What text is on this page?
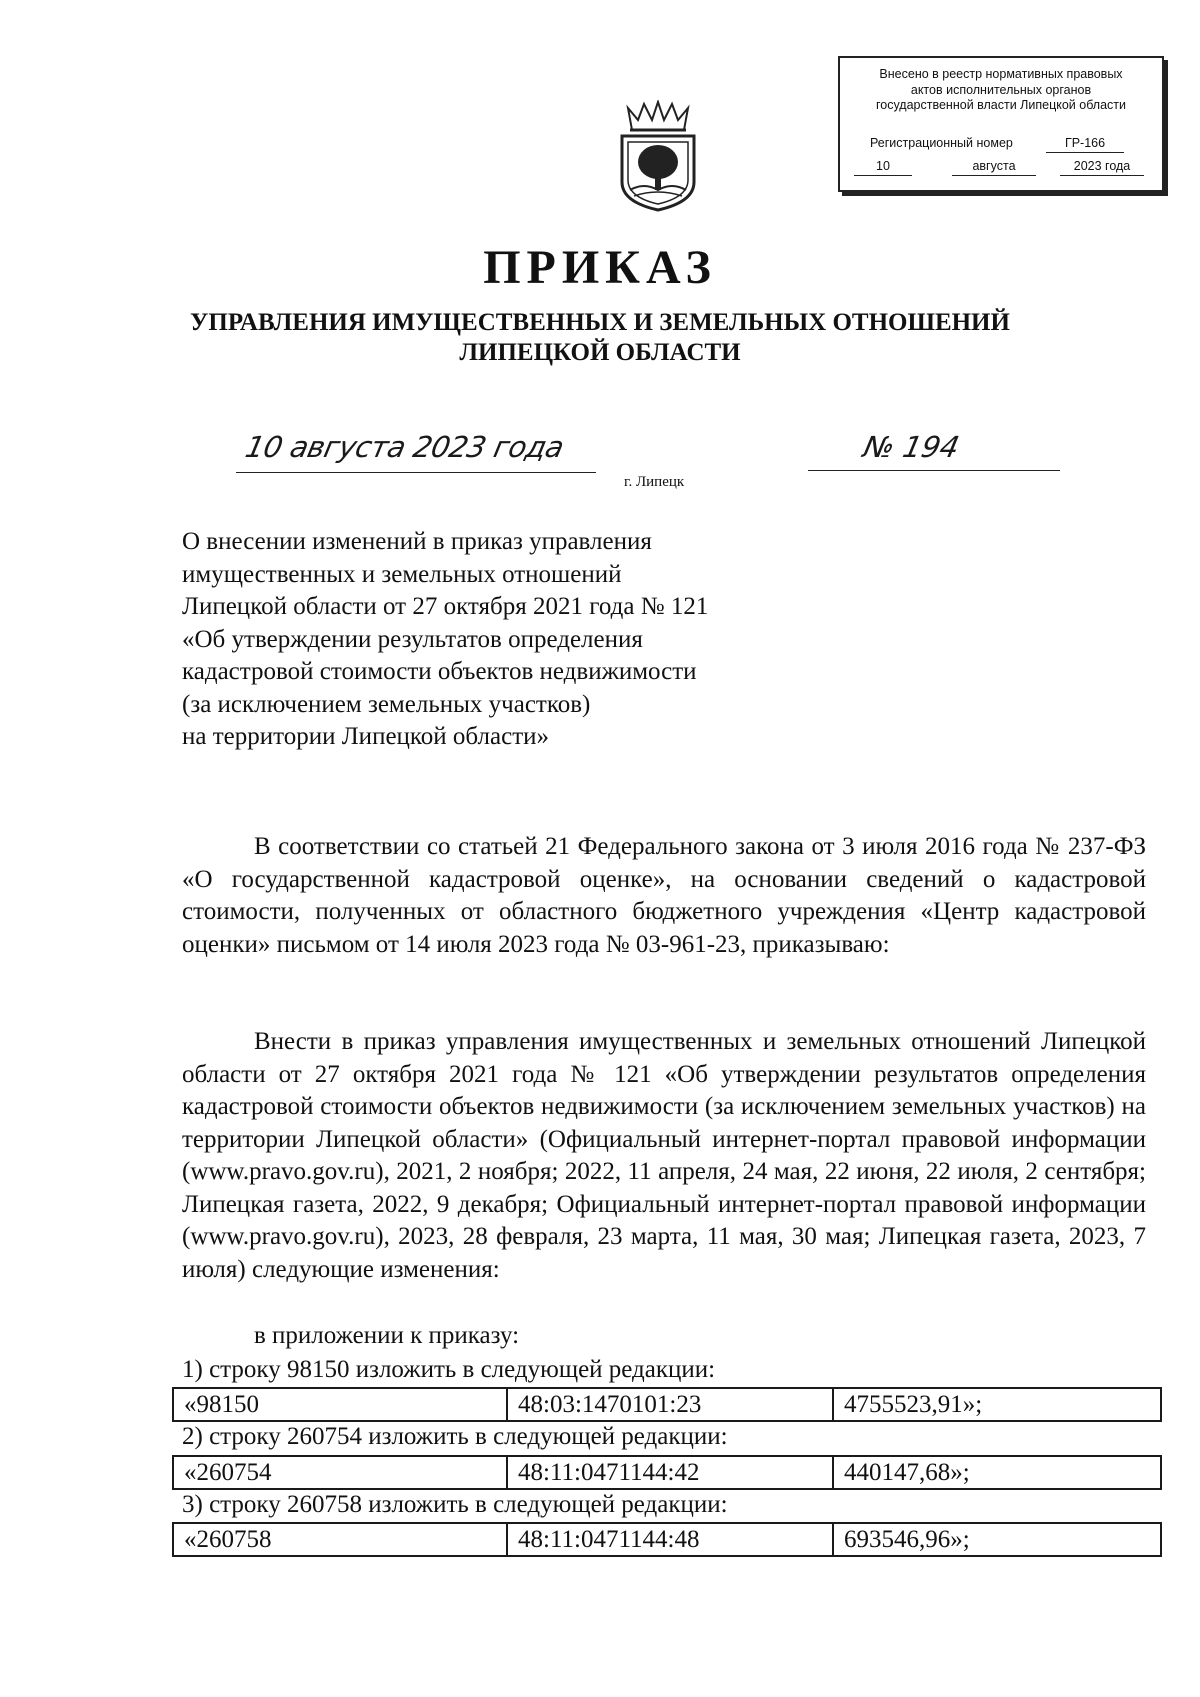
Внесено в реестр нормативных правовых
актов исполнительных органов
государственной власти Липецкой области
Регистрационный номер	ГР-166
10	августа	2023 года
ПРИКАЗ
УПРАВЛЕНИЯ ИМУЩЕСТВЕННЫХ И ЗЕМЕЛЬНЫХ ОТНОШЕНИЙ
ЛИПЕЦКОЙ ОБЛАСТИ
10 августа 2023 года
г. Липецк
№ 194
О внесении изменений в приказ управления
имущественных и земельных отношений
Липецкой области от 27 октября 2021 года № 121
«Об утверждении результатов определения
кадастровой стоимости объектов недвижимости
(за исключением земельных участков)
на территории Липецкой области»

В соответствии со статьей 21 Федерального закона от 3 июля 2016 года № 237-ФЗ «О государственной кадастровой оценке», на основании сведений о кадастровой стоимости, полученных от областного бюджетного учреждения «Центр кадастровой оценки» письмом от 14 июля 2023 года № 03-961-23, приказываю:

Внести в приказ управления имущественных и земельных отношений Липецкой области от 27 октября 2021 года № 121 «Об утверждении результатов определения кадастровой стоимости объектов недвижимости (за исключением земельных участков) на территории Липецкой области» (Официальный интернет-портал правовой информации (www.pravo.gov.ru), 2021, 2 ноября; 2022, 11 апреля, 24 мая, 22 июня, 22 июля, 2 сентября; Липецкая газета, 2022, 9 декабря; Официальный интернет-портал правовой информации (www.pravo.gov.ru), 2023, 28 февраля, 23 марта, 11 мая, 30 мая; Липецкая газета, 2023, 7 июля) следующие изменения:

в приложении к приказу:
1) строку 98150 изложить в следующей редакции:
«98150	48:03:1470101:23	4755523,91»;
2) строку 260754 изложить в следующей редакции:
«260754	48:11:0471144:42	440147,68»;
3) строку 260758 изложить в следующей редакции:
«260758	48:11:0471144:48	693546,96»;
